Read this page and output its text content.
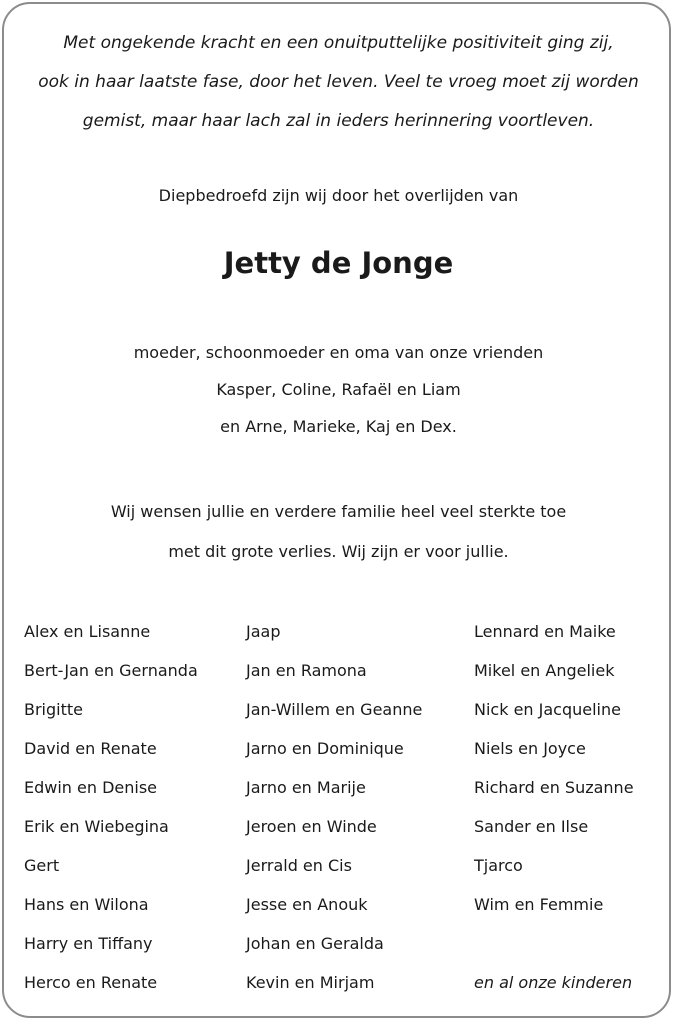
Met ongekende kracht en een onuitputtelijke positiviteit ging zij,
ook in haar laatste fase, door het leven. Veel te vroeg moet zij worden
gemist, maar haar lach zal in ieders herinnering voortleven.
Diepbedroefd zijn wij door het overlijden van
Jetty de Jonge
moeder, schoonmoeder en oma van onze vrienden
Kasper, Coline, Rafaël en Liam
en Arne, Marieke, Kaj en Dex.
Wij wensen jullie en verdere familie heel veel sterkte toe
met dit grote verlies. Wij zijn er voor jullie.
Alex en Lisanne
Bert-Jan en Gernanda
Brigitte
David en Renate
Edwin en Denise
Erik en Wiebegina
Gert
Hans en Wilona
Harry en Tiffany
Herco en Renate
Jaap
Jan en Ramona
Jan-Willem en Geanne
Jarno en Dominique
Jarno en Marije
Jeroen en Winde
Jerrald en Cis
Jesse en Anouk
Johan en Geralda
Kevin en Mirjam
Lennard en Maike
Mikel en Angeliek
Nick en Jacqueline
Niels en Joyce
Richard en Suzanne
Sander en Ilse
Tjarco
Wim en Femmie
en al onze kinderen
